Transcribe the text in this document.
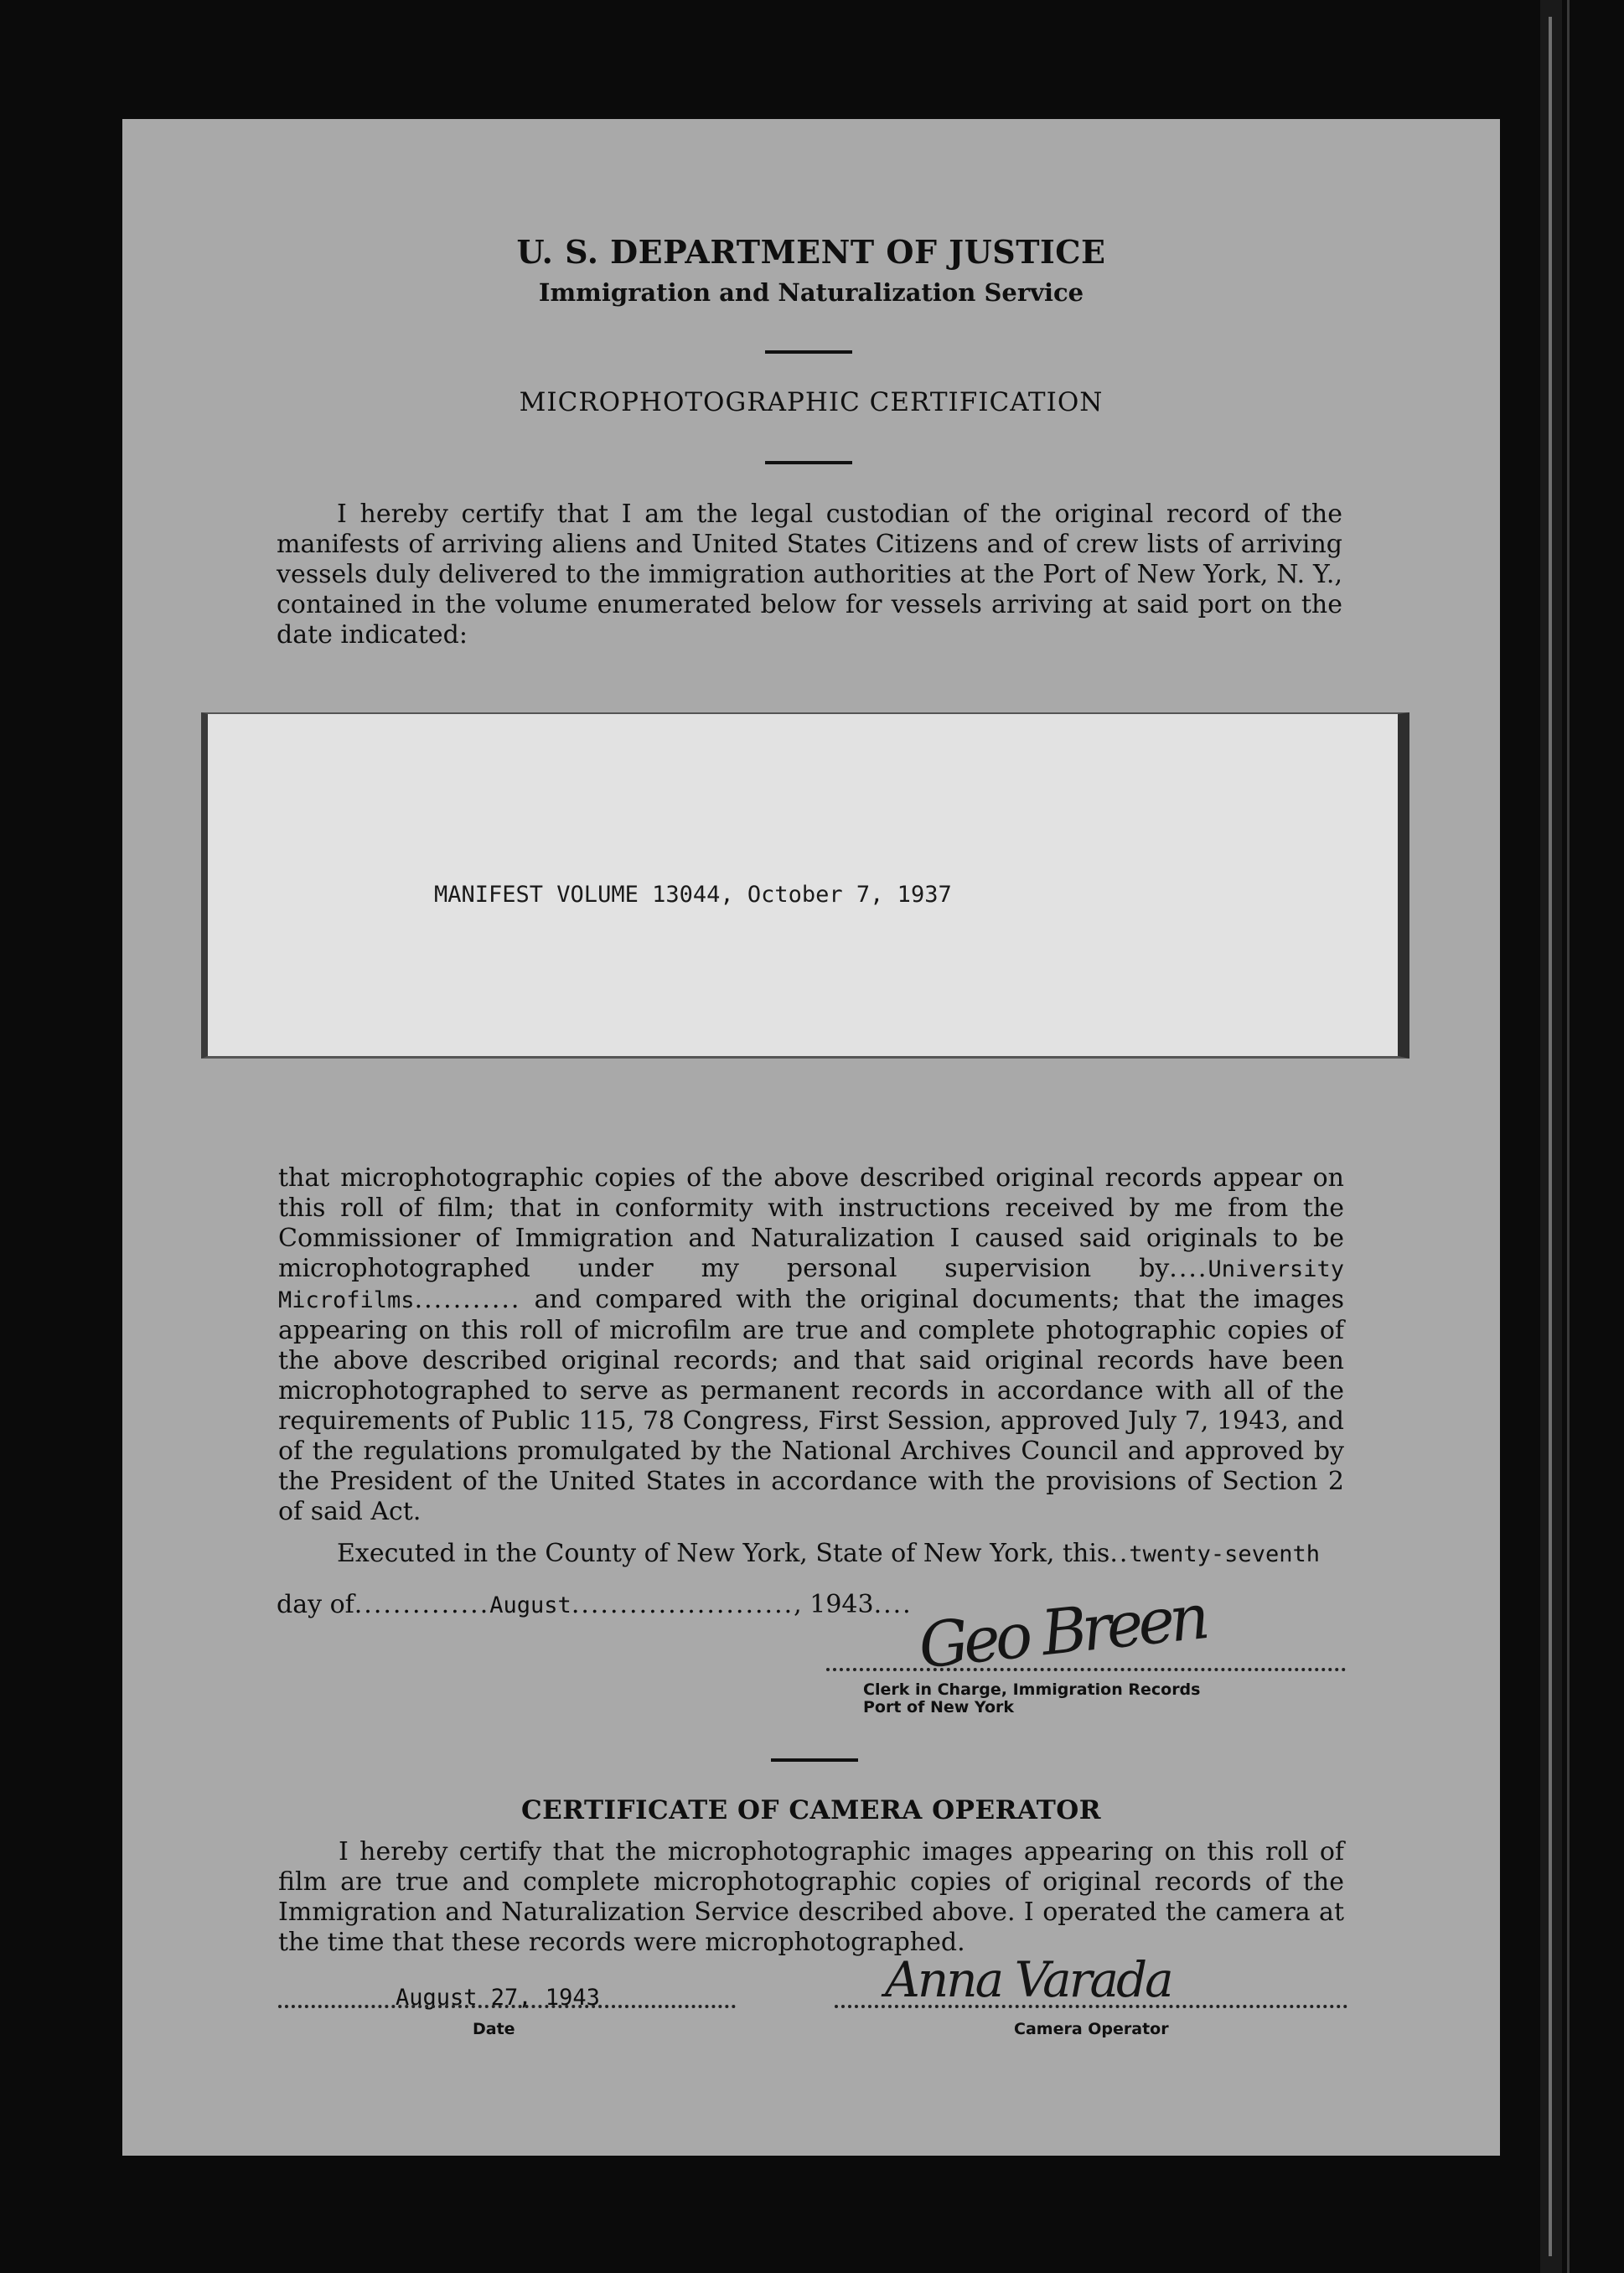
U. S. DEPARTMENT OF JUSTICE
Immigration and Naturalization Service
MICROPHOTOGRAPHIC CERTIFICATION
I hereby certify that I am the legal custodian of the original record of the manifests of arriving aliens and United States Citizens and of crew lists of arriving vessels duly delivered to the immigration authorities at the Port of New York, N. Y., contained in the volume enumerated below for vessels arriving at said port on the date indicated:
MANIFEST VOLUME 13044, October 7, 1937
that microphotographic copies of the above described original records appear on this roll of film; that in conformity with instructions received by me from the Commissioner of Immigration and Naturalization I caused said originals to be microphotographed under my personal supervision by....University Microfilms........... and compared with the original documents; that the images appearing on this roll of microfilm are true and complete photographic copies of the above described original records; and that said original records have been microphotographed to serve as permanent records in accordance with all of the requirements of Public 115, 78 Congress, First Session, approved July 7, 1943, and of the regulations promulgated by the National Archives Council and approved by the President of the United States in accordance with the provisions of Section 2 of said Act.
Executed in the County of New York, State of New York, this..twenty-seventh
day of..............August......................., 1943.... Geo Breen
Clerk in Charge, Immigration Records
Port of New York
CERTIFICATE OF CAMERA OPERATOR
I hereby certify that the microphotographic images appearing on this roll of film are true and complete microphotographic copies of original records of the Immigration and Naturalization Service described above. I operated the camera at the time that these records were microphotographed.
August 27, 1943
Date
Anna Varada
Camera Operator
